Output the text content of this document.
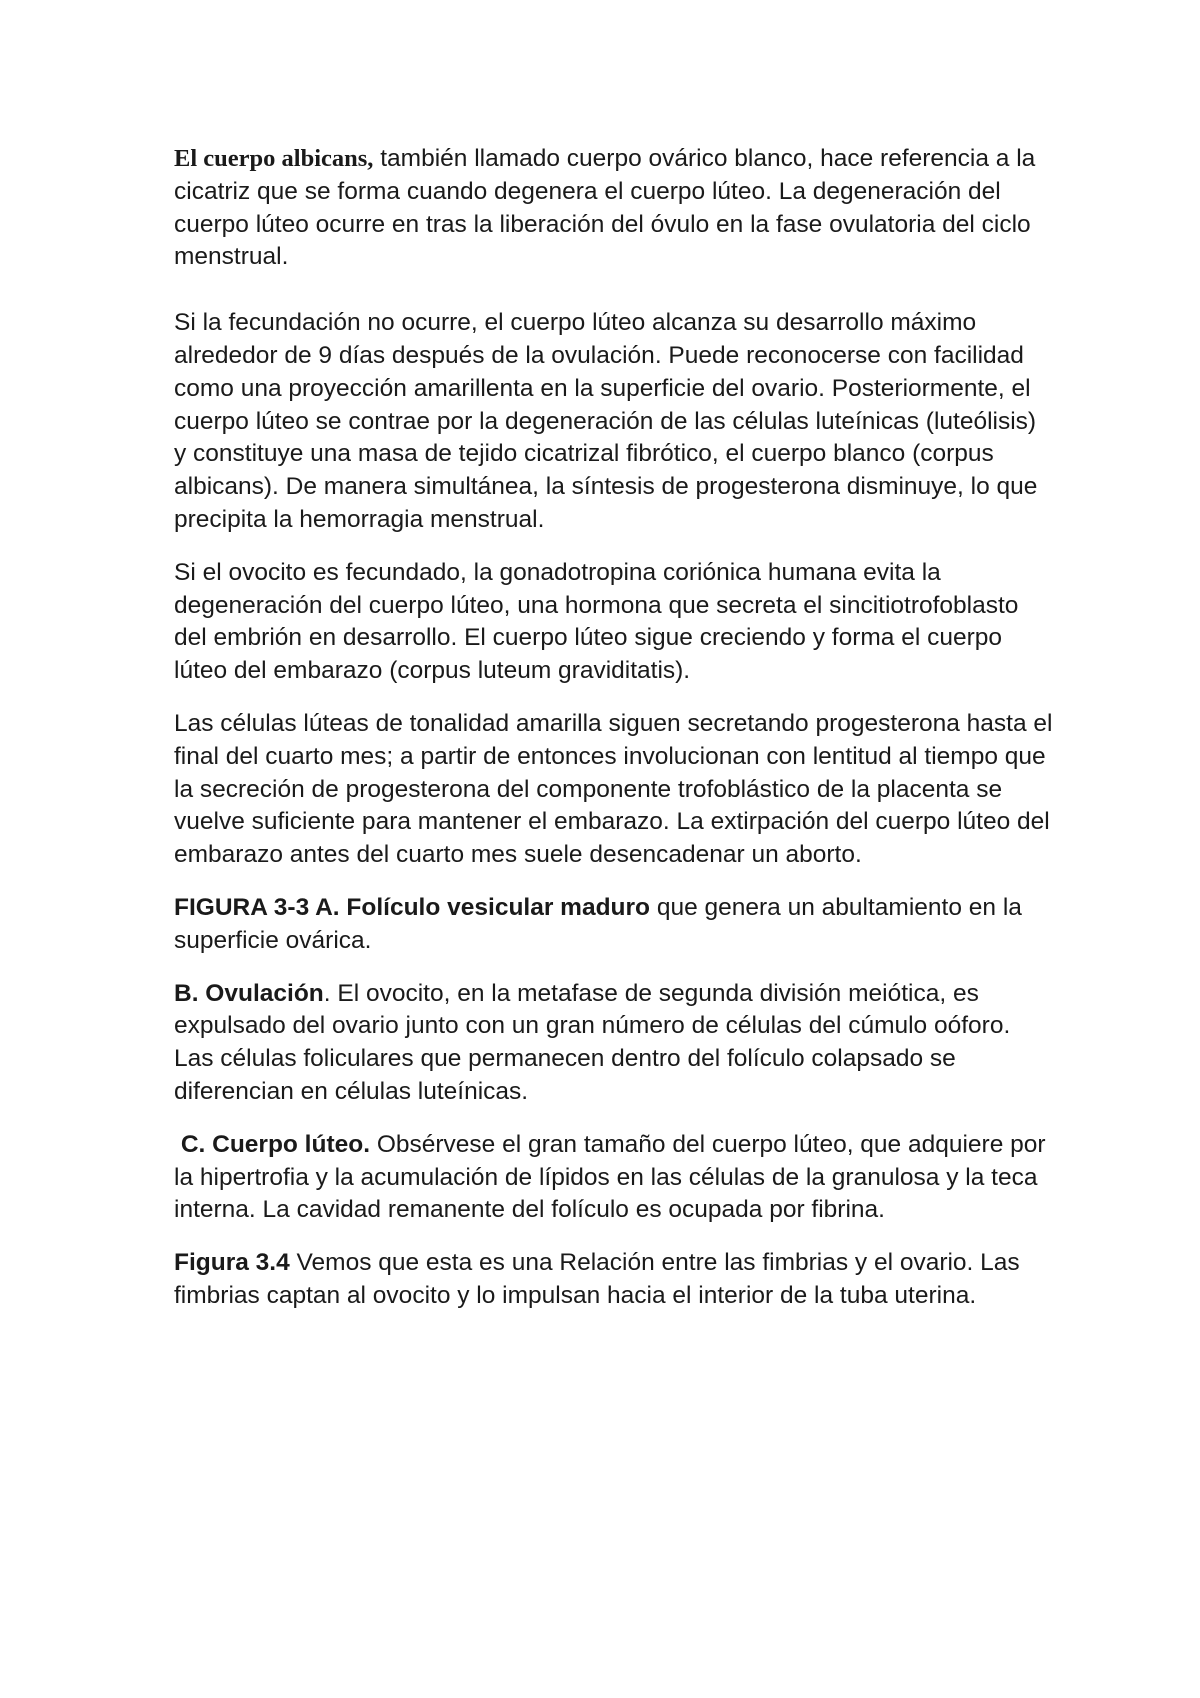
El cuerpo albicans, también llamado cuerpo ovárico blanco, hace referencia a la cicatriz que se forma cuando degenera el cuerpo lúteo. La degeneración del cuerpo lúteo ocurre en tras la liberación del óvulo en la fase ovulatoria del ciclo menstrual.

Si la fecundación no ocurre, el cuerpo lúteo alcanza su desarrollo máximo alrededor de 9 días después de la ovulación. Puede reconocerse con facilidad como una proyección amarillenta en la superficie del ovario. Posteriormente, el cuerpo lúteo se contrae por la degeneración de las células luteínicas (luteólisis) y constituye una masa de tejido cicatrizal fibrótico, el cuerpo blanco (corpus albicans). De manera simultánea, la síntesis de progesterona disminuye, lo que precipita la hemorragia menstrual.

Si el ovocito es fecundado, la gonadotropina coriónica humana evita la degeneración del cuerpo lúteo, una hormona que secreta el sincitiotrofoblasto del embrión en desarrollo. El cuerpo lúteo sigue creciendo y forma el cuerpo lúteo del embarazo (corpus luteum graviditatis).

Las células lúteas de tonalidad amarilla siguen secretando progesterona hasta el final del cuarto mes; a partir de entonces involucionan con lentitud al tiempo que la secreción de progesterona del componente trofoblástico de la placenta se vuelve suficiente para mantener el embarazo. La extirpación del cuerpo lúteo del embarazo antes del cuarto mes suele desencadenar un aborto.

FIGURA 3-3 A. Folículo vesicular maduro que genera un abultamiento en la superficie ovárica.

B. Ovulación. El ovocito, en la metafase de segunda división meiótica, es expulsado del ovario junto con un gran número de células del cúmulo oóforo. Las células foliculares que permanecen dentro del folículo colapsado se diferencian en células luteínicas.

C. Cuerpo lúteo. Obsérvese el gran tamaño del cuerpo lúteo, que adquiere por la hipertrofia y la acumulación de lípidos en las células de la granulosa y la teca interna. La cavidad remanente del folículo es ocupada por fibrina.

Figura 3.4 Vemos que esta es una Relación entre las fimbrias y el ovario. Las fimbrias captan al ovocito y lo impulsan hacia el interior de la tuba uterina.
